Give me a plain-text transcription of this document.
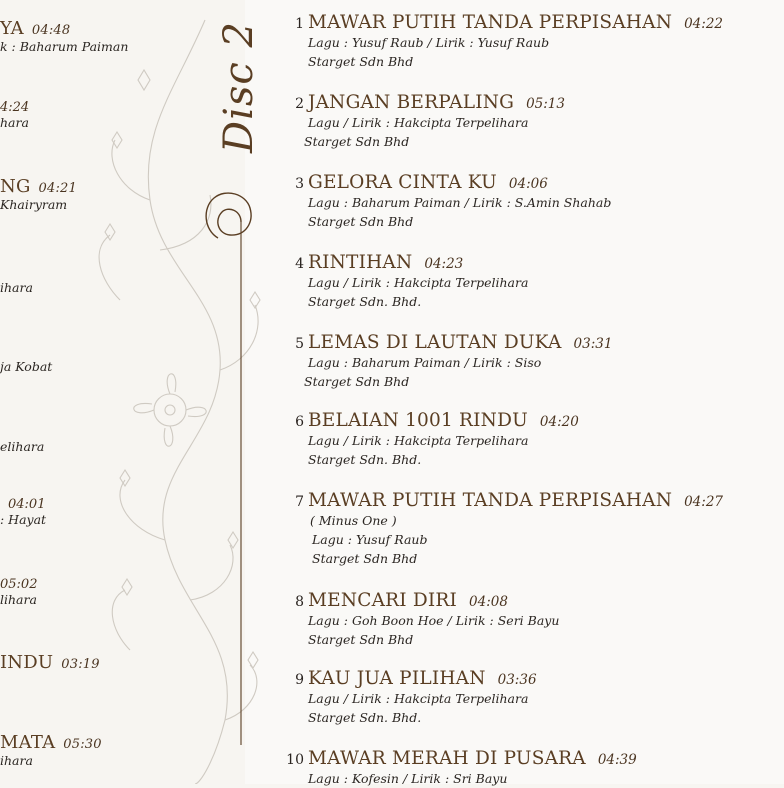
YA 04:48
k : Baharum Paiman
4:24
hara
NG 04:21
Khairyram
ihara
ja Kobat
elihara
04:01
: Hayat
05:02
lihara
INDU 03:19
MATA 05:30
ihara
Disc 2	1 MAWAR PUTIH TANDA PERPISAHAN 04:22
Lagu : Yusuf Raub / Lirik : Yusuf Raub
Starget Sdn Bhd
2 JANGAN BERPALING 05:13
Lagu / Lirik : Hakcipta Terpelihara
Starget Sdn Bhd
3 GELORA CINTA KU 04:06
Lagu : Baharum Paiman / Lirik : S.Amin Shahab
Starget Sdn Bhd
4 RINTIHAN 04:23
Lagu / Lirik : Hakcipta Terpelihara
Starget Sdn. Bhd.
5 LEMAS DI LAUTAN DUKA 03:31
Lagu : Baharum Paiman / Lirik : Siso
Starget Sdn Bhd
6 BELAIAN 1001 RINDU 04:20
Lagu / Lirik : Hakcipta Terpelihara
Starget Sdn. Bhd.
7 MAWAR PUTIH TANDA PERPISAHAN 04:27
( Minus One )
Lagu : Yusuf Raub
Starget Sdn Bhd
8 MENCARI DIRI 04:08
Lagu : Goh Boon Hoe / Lirik : Seri Bayu
Starget Sdn Bhd
9 KAU JUA PILIHAN 03:36
Lagu / Lirik : Hakcipta Terpelihara
Starget Sdn. Bhd.
10 MAWAR MERAH DI PUSARA 04:39
Lagu : Kofesin / Lirik : Sri Bayu
